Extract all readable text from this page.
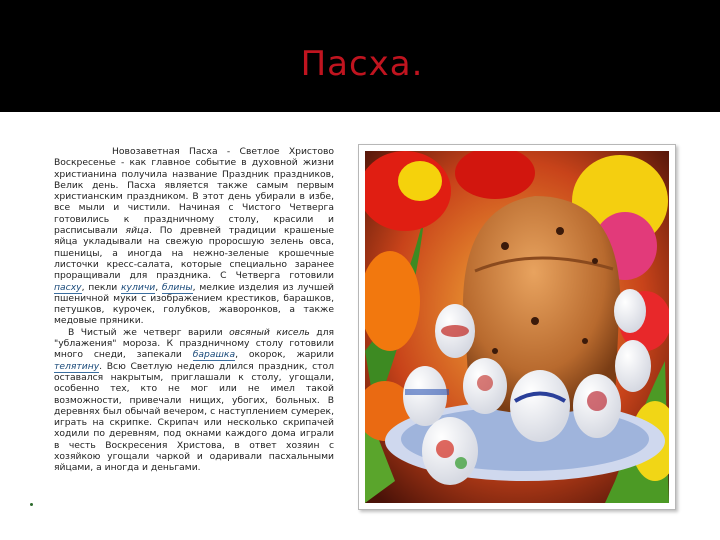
Пасха.

Новозаветная Пасха - Светлое Христово Воскресенье - как главное событие в духовной жизни христианина получила название Праздник праздников, Велик день. Пасха является также самым первым христианским праздником. В этот день убирали в избе, все мыли и чистили. Начиная с Чистого Четверга готовились к праздничному столу, красили и расписывали яйца. По древней традиции крашеные яйца укладывали на свежую проросшую зелень овса, пшеницы, а иногда на нежно-зеленые крошечные листочки кресс-салата, которые специально заранее проращивали для праздника. С Четверга готовили пасху, пекли куличи, блины, мелкие изделия из лучшей пшеничной муки с изображением крестиков, барашков, петушков, курочек, голубков, жаворонков, а также медовые пряники.

В Чистый же четверг варили овсяный кисель для "ублажения" мороза. К праздничному столу готовили много снеди, запекали барашка, окорок, жарили телятину. Всю Светлую неделю длился праздник, стол оставался накрытым, приглашали к столу, угощали, особенно тех, кто не мог или не имел такой возможности, привечали нищих, убогих, больных. В деревнях был обычай вечером, с наступлением сумерек, играть на скрипке. Скрипач или несколько скрипачей ходили по деревням, под окнами каждого дома играли в честь Воскресения Христова, в ответ хозяин с хозяйкою угощали чаркой и одаривали пасхальными яйцами, а иногда и деньгами.
